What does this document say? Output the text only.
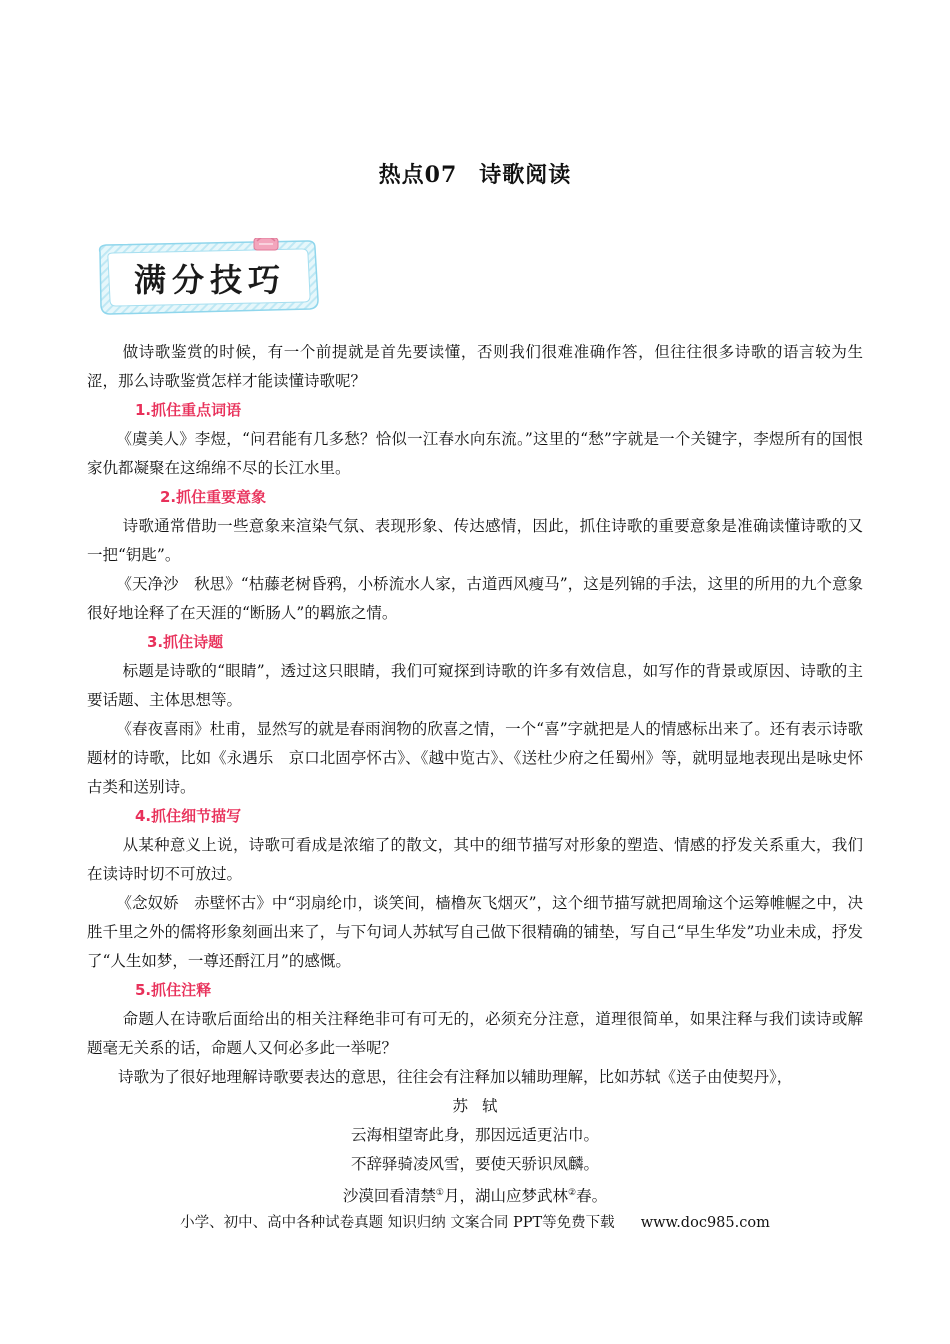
热点07 诗歌阅读
满分技巧

做诗歌鉴赏的时候，有一个前提就是首先要读懂，否则我们很难准确作答，但往往很多诗歌的语言较为生涩，那么诗歌鉴赏怎样才能读懂诗歌呢？

1.抓住重点词语

《虞美人》李煜，“问君能有几多愁？恰似一江春水向东流。”这里的“愁”字就是一个关键字，李煜所有的国恨家仇都凝聚在这绵绵不尽的长江水里。

2.抓住重要意象

诗歌通常借助一些意象来渲染气氛、表现形象、传达感情，因此，抓住诗歌的重要意象是准确读懂诗歌的又一把“钥匙”。

《天净沙　秋思》“枯藤老树昏鸦，小桥流水人家，古道西风瘦马”，这是列锦的手法，这里的所用的九个意象很好地诠释了在天涯的“断肠人”的羁旅之情。

3.抓住诗题

标题是诗歌的“眼睛”，透过这只眼睛，我们可窥探到诗歌的许多有效信息，如写作的背景或原因、诗歌的主要话题、主体思想等。

《春夜喜雨》杜甫，显然写的就是春雨润物的欣喜之情，一个“喜”字就把是人的情感标出来了。还有表示诗歌题材的诗歌，比如《永遇乐　京口北固亭怀古》、《越中览古》、《送杜少府之任蜀州》等，就明显地表现出是咏史怀古类和送别诗。

4.抓住细节描写

从某种意义上说，诗歌可看成是浓缩了的散文，其中的细节描写对形象的塑造、情感的抒发关系重大，我们在读诗时切不可放过。

《念奴娇　赤壁怀古》中“羽扇纶巾，谈笑间，樯橹灰飞烟灭”，这个细节描写就把周瑜这个运筹帷幄之中，决胜千里之外的儒将形象刻画出来了，与下句词人苏轼写自己做下很精确的铺垫，写自己“早生华发”功业未成，抒发了“人生如梦，一尊还酹江月”的感慨。

5.抓住注释

命题人在诗歌后面给出的相关注释绝非可有可无的，必须充分注意，道理很简单，如果注释与我们读诗或解题毫无关系的话，命题人又何必多此一举呢？

诗歌为了很好地理解诗歌要表达的意思，往往会有注释加以辅助理解，比如苏轼《送子由使契丹》，

苏轼

云海相望寄此身，那因远适更沾巾。

不辞驿骑凌风雪，要使天骄识凤麟。

沙漠回看清禁①月，湖山应梦武林②春。

小学、初中、高中各种试卷真题 知识归纳 文案合同 PPT等免费下载 www.doc985.com
